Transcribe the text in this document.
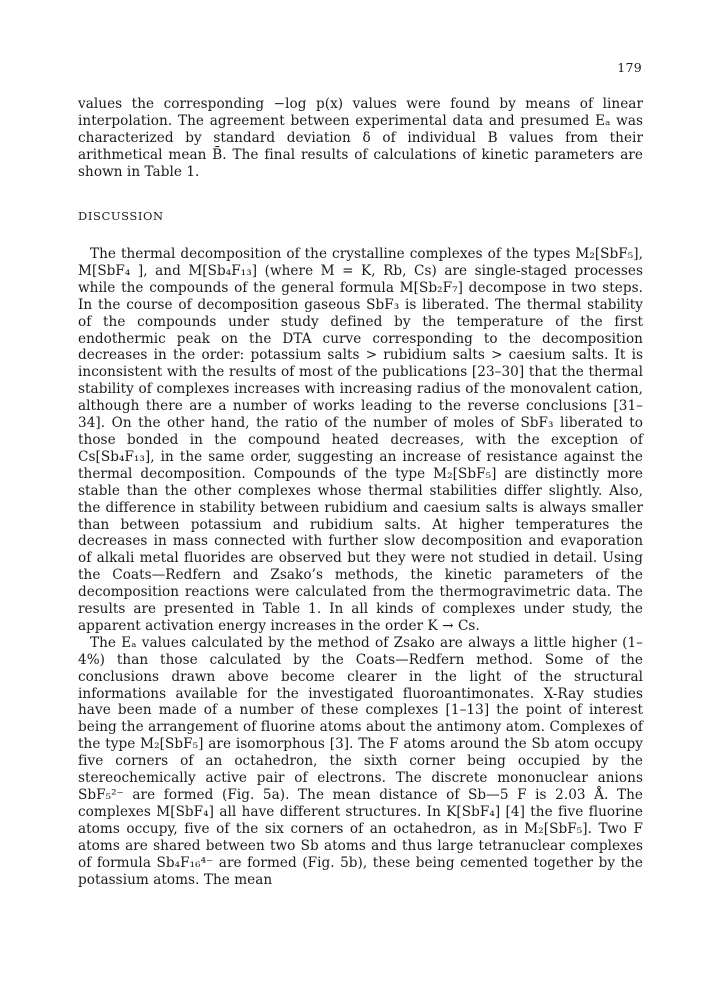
179

values the corresponding −log p(x) values were found by means of linear interpolation. The agreement between experimental data and presumed Eₐ was characterized by standard deviation δ of individual B values from their arithmetical mean B̄. The final results of calculations of kinetic parameters are shown in Table 1.

DISCUSSION

The thermal decomposition of the crystalline complexes of the types M₂[SbF₅], M[SbF₄ ], and M[Sb₄F₁₃] (where M = K, Rb, Cs) are single-staged processes while the compounds of the general formula M[Sb₂F₇] decompose in two steps. In the course of decomposition gaseous SbF₃ is liberated. The thermal stability of the compounds under study defined by the temperature of the first endothermic peak on the DTA curve corresponding to the decomposition decreases in the order: potassium salts > rubidium salts > caesium salts. It is inconsistent with the results of most of the publications [23–30] that the thermal stability of complexes increases with increasing radius of the monovalent cation, although there are a number of works leading to the reverse conclusions [31–34]. On the other hand, the ratio of the number of moles of SbF₃ liberated to those bonded in the compound heated decreases, with the exception of Cs[Sb₄F₁₃], in the same order, suggesting an increase of resistance against the thermal decomposition. Compounds of the type M₂[SbF₅] are distinctly more stable than the other complexes whose thermal stabilities differ slightly. Also, the difference in stability between rubidium and caesium salts is always smaller than between potassium and rubidium salts. At higher temperatures the decreases in mass connected with further slow decomposition and evaporation of alkali metal fluorides are observed but they were not studied in detail. Using the Coats—Redfern and Zsako’s methods, the kinetic parameters of the decomposition reactions were calculated from the thermogravimetric data. The results are presented in Table 1. In all kinds of complexes under study, the apparent activation energy increases in the order K → Cs.

The Eₐ values calculated by the method of Zsako are always a little higher (1–4%) than those calculated by the Coats—Redfern method. Some of the conclusions drawn above become clearer in the light of the structural informations available for the investigated fluoroantimonates. X-Ray studies have been made of a number of these complexes [1–13] the point of interest being the arrangement of fluorine atoms about the antimony atom. Complexes of the type M₂[SbF₅] are isomorphous [3]. The F atoms around the Sb atom occupy five corners of an octahedron, the sixth corner being occupied by the stereochemically active pair of electrons. The discrete mononuclear anions SbF₅²⁻ are formed (Fig. 5a). The mean distance of Sb—5 F is 2.03 Å. The complexes M[SbF₄] all have different structures. In K[SbF₄] [4] the five fluorine atoms occupy, five of the six corners of an octahedron, as in M₂[SbF₅]. Two F atoms are shared between two Sb atoms and thus large tetranuclear complexes of formula Sb₄F₁₆⁴⁻ are formed (Fig. 5b), these being cemented together by the potassium atoms. The mean
